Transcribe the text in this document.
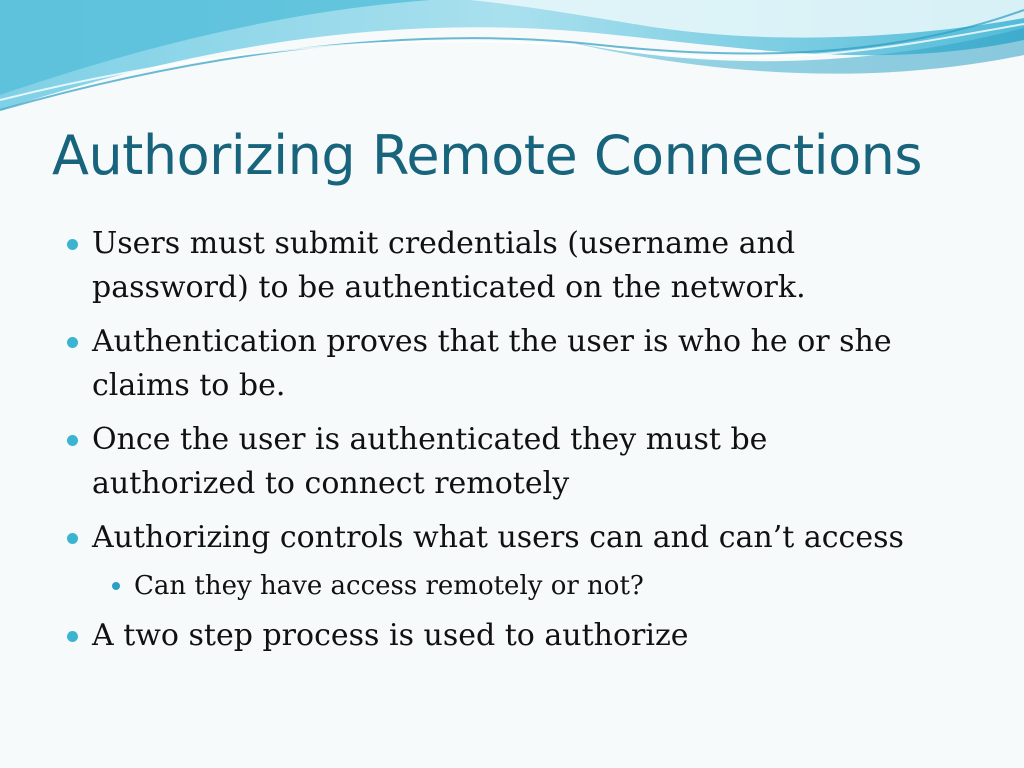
Authorizing Remote Connections

Users must submit credentials (username and password) to be authenticated on the network.

Authentication proves that the user is who he or she claims to be.

Once the user is authenticated they must be authorized to connect remotely

Authorizing controls what users can and can’t access

Can they have access remotely or not?

A two step process is used to authorize
